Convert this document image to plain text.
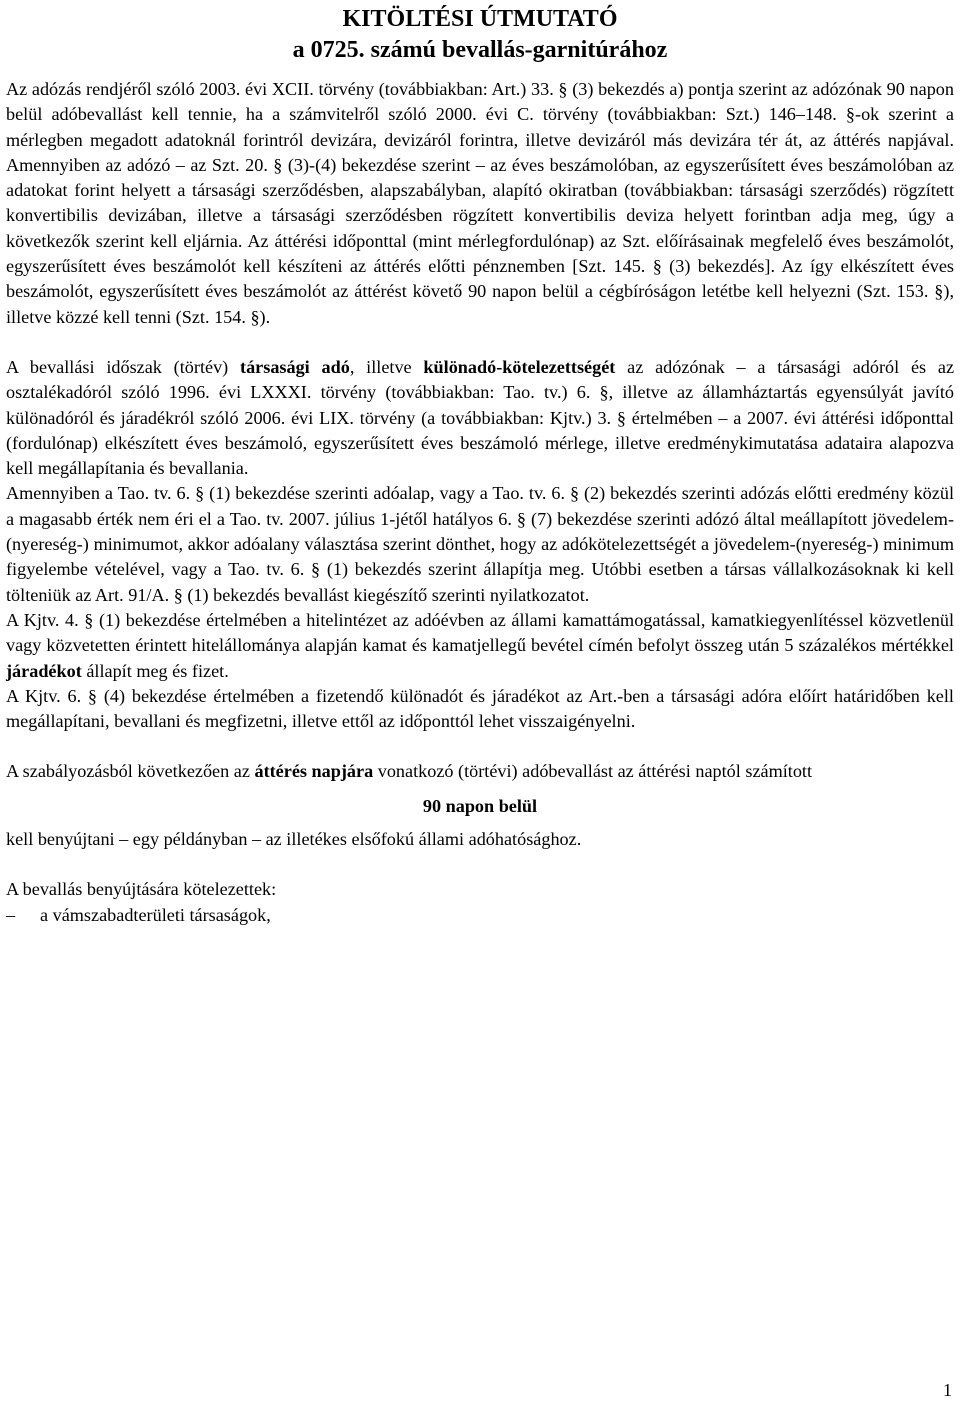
KITÖLTÉSI ÚTMUTATÓ
a 0725. számú bevallás-garnitúrához

Az adózás rendjéről szóló 2003. évi XCII. törvény (továbbiakban: Art.) 33. § (3) bekezdés a) pontja szerint az adózónak 90 napon belül adóbevallást kell tennie, ha a számvitelről szóló 2000. évi C. törvény (továbbiakban: Szt.) 146–148. §-ok szerint a mérlegben megadott adatoknál forintról devizára, devizáról forintra, illetve devizáról más devizára tér át, az áttérés napjával. Amennyiben az adózó – az Szt. 20. § (3)-(4) bekezdése szerint – az éves beszámolóban, az egyszerűsített éves beszámolóban az adatokat forint helyett a társasági szerződésben, alapszabályban, alapító okiratban (továbbiakban: társasági szerződés) rögzített konvertibilis devizában, illetve a társasági szerződésben rögzített konvertibilis deviza helyett forintban adja meg, úgy a következők szerint kell eljárnia. Az áttérési időponttal (mint mérlegfordulónap) az Szt. előírásainak megfelelő éves beszámolót, egyszerűsített éves beszámolót kell készíteni az áttérés előtti pénznemben [Szt. 145. § (3) bekezdés]. Az így elkészített éves beszámolót, egyszerűsített éves beszámolót az áttérést követő 90 napon belül a cégbíróságon letétbe kell helyezni (Szt. 153. §), illetve közzé kell tenni (Szt. 154. §).

A bevallási időszak (törtév) társasági adó, illetve különadó-kötelezettségét az adózónak – a társasági adóról és az osztalékadóról szóló 1996. évi LXXXI. törvény (továbbiakban: Tao. tv.) 6. §, illetve az államháztartás egyensúlyát javító különadóról és járadékról szóló 2006. évi LIX. törvény (a továbbiakban: Kjtv.) 3. § értelmében – a 2007. évi áttérési időponttal (fordulónap) elkészített éves beszámoló, egyszerűsített éves beszámoló mérlege, illetve eredménykimutatása adataira alapozva kell megállapítania és bevallania.

Amennyiben a Tao. tv. 6. § (1) bekezdése szerinti adóalap, vagy a Tao. tv. 6. § (2) bekezdés szerinti adózás előtti eredmény közül a magasabb érték nem éri el a Tao. tv. 2007. július 1-jétől hatályos 6. § (7) bekezdése szerinti adózó által meállapított jövedelem- (nyereség-) minimumot, akkor adóalany választása szerint dönthet, hogy az adókötelezettségét a jövedelem-(nyereség-) minimum figyelembe vételével, vagy a Tao. tv. 6. § (1) bekezdés szerint állapítja meg. Utóbbi esetben a társas vállalkozásoknak ki kell tölteniük az Art. 91/A. § (1) bekezdés bevallást kiegészítő szerinti nyilatkozatot.

A Kjtv. 4. § (1) bekezdése értelmében a hitelintézet az adóévben az állami kamattámogatással, kamatkiegyenlítéssel közvetlenül vagy közvetetten érintett hitelállománya alapján kamat és kamatjellegű bevétel címén befolyt összeg után 5 százalékos mértékkel járadékot állapít meg és fizet.

A Kjtv. 6. § (4) bekezdése értelmében a fizetendő különadót és járadékot az Art.-ben a társasági adóra előírt határidőben kell megállapítani, bevallani és megfizetni, illetve ettől az időponttól lehet visszaigényelni.

A szabályozásból következően az áttérés napjára vonatkozó (törtévi) adóbevallást az áttérési naptól számított

90 napon belül

kell benyújtani – egy példányban – az illetékes elsőfokú állami adóhatósághoz.

A bevallás benyújtására kötelezettek:

–	a vámszabadterületi társaságok,
1
